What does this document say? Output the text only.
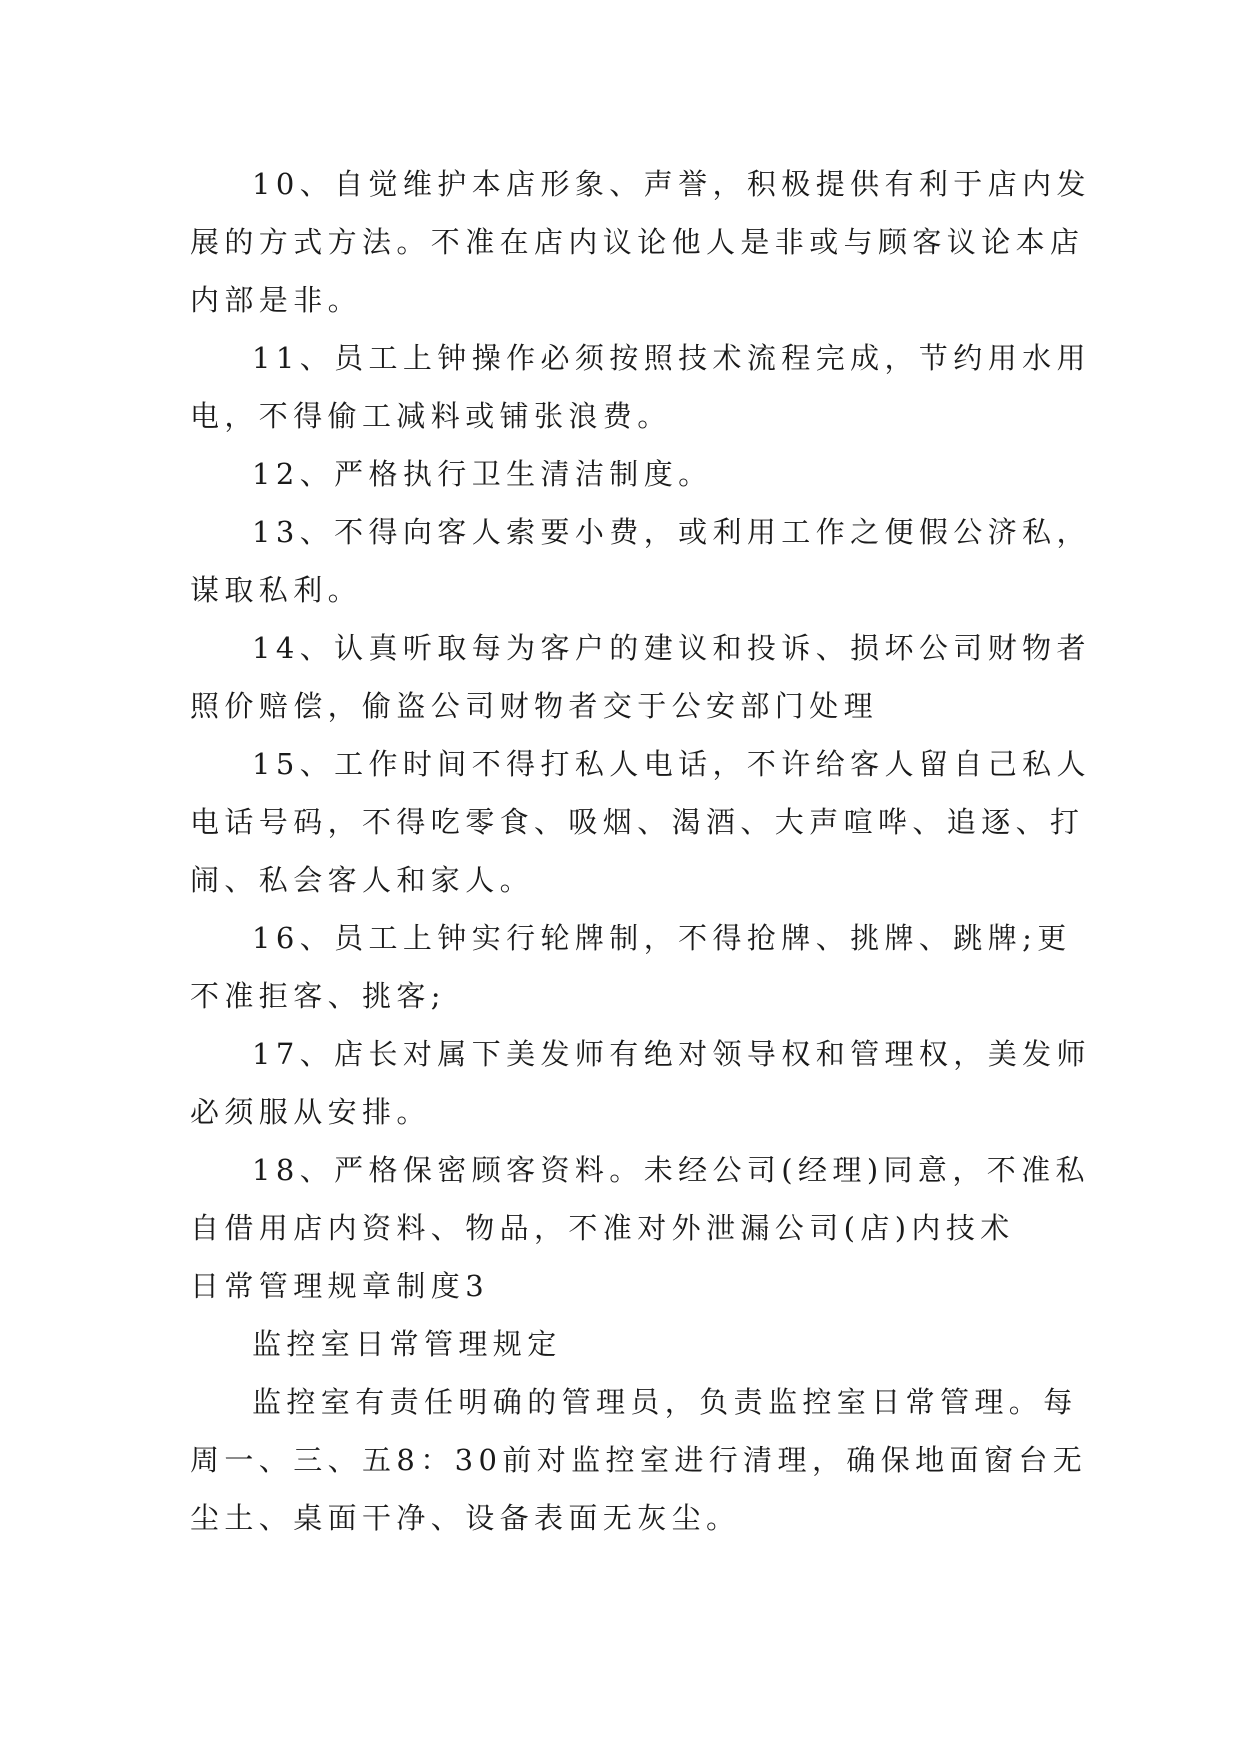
10、自觉维护本店形象、声誉，积极提供有利于店内发
展的方式方法。不准在店内议论他人是非或与顾客议论本店
内部是非。
11、员工上钟操作必须按照技术流程完成，节约用水用
电，不得偷工减料或铺张浪费。
12、严格执行卫生清洁制度。
13、不得向客人索要小费，或利用工作之便假公济私，
谋取私利。
14、认真听取每为客户的建议和投诉、损坏公司财物者
照价赔偿，偷盗公司财物者交于公安部门处理
15、工作时间不得打私人电话，不许给客人留自己私人
电话号码，不得吃零食、吸烟、渴酒、大声喧哗、追逐、打
闹、私会客人和家人。
16、员工上钟实行轮牌制，不得抢牌、挑牌、跳牌;更
不准拒客、挑客;
17、店长对属下美发师有绝对领导权和管理权，美发师
必须服从安排。
18、严格保密顾客资料。未经公司(经理)同意，不准私
自借用店内资料、物品，不准对外泄漏公司(店)内技术
日常管理规章制度3
监控室日常管理规定
监控室有责任明确的管理员，负责监控室日常管理。每
周一、三、五8：30前对监控室进行清理，确保地面窗台无
尘土、桌面干净、设备表面无灰尘。
